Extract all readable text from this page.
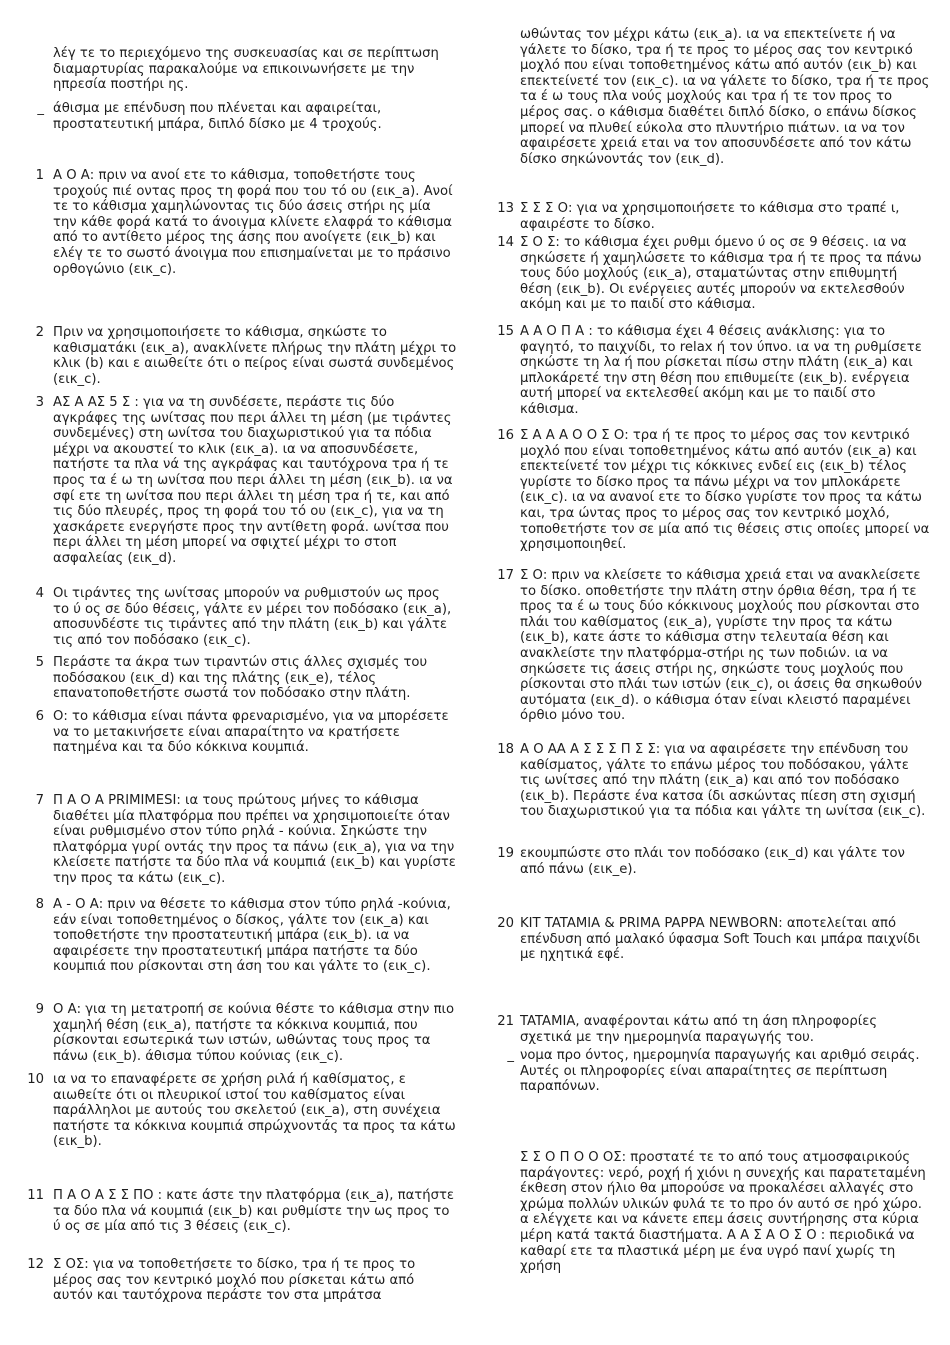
λέγ τε το περιεχόμενο της συσκευασίας και σε περίπτωση διαμαρτυρίας παρακαλούμε να επικοινωνήσετε με την ηπρεσία ποστήρι ης.

_ άθισμα με επένδυση που πλένεται και αφαιρείται, προστατευτική μπάρα, διπλό δίσκο με 4 τροχούς.

1 Α Ο Α: πριν να ανοί ετε το κάθισμα, τοποθετήστε τους τροχούς πιέ οντας προς τη φορά που του τό ου (εικ_a). Ανοί τε το κάθισμα χαμηλώνοντας τις δύο άσεις στήρι ης μία την κάθε φορά κατά το άνοιγμα κλίνετε ελαφρά το κάθισμα από το αντίθετο μέρος της άσης που ανοίγετε (εικ_b) και ελέγ τε το σωστό άνοιγμα που επισημαίνεται με το πράσινο ορθογώνιο (εικ_c).

2 Πριν να χρησιμοποιήσετε το κάθισμα, σηκώστε το καθισματάκι (εικ_a), ανακλίνετε πλήρως την πλάτη μέχρι το κλικ (b) και ε αιωθείτε ότι ο πείρος είναι σωστά συνδεμένος (εικ_c).

3 ΑΣ Α ΑΣ 5 Σ : για να τη συνδέσετε, περάστε τις δύο αγκράφες της ωνίτσας που περι άλλει τη μέση (με τιράντες συνδεμένες) στη ωνίτσα του διαχωριστικού για τα πόδια μέχρι να ακουστεί το κλικ (εικ_a). ια να αποσυνδέσετε, πατήστε τα πλα νά της αγκράφας και ταυτόχρονα τρα ή τε προς τα έ ω τη ωνίτσα που περι άλλει τη μέση (εικ_b). ια να σφί ετε τη ωνίτσα που περι άλλει τη μέση τρα ή τε, και από τις δύο πλευρές, προς τη φορά του τό ου (εικ_c), για να τη χασκάρετε ενεργήστε προς την αντίθετη φορά. ωνίτσα που περι άλλει τη μέση μπορεί να σφιχτεί μέχρι το στοπ ασφαλείας (εικ_d).

4 Οι τιράντες της ωνίτσας μπορούν να ρυθμιστούν ως προς το ύ ος σε δύο θέσεις, γάλτε εν μέρει τον ποδόσακο (εικ_a), αποσυνδέστε τις τιράντες από την πλάτη (εικ_b) και γάλτε τις από τον ποδόσακο (εικ_c).

5 Περάστε τα άκρα των τιραντών στις άλλες σχισμές του ποδόσακου (εικ_d) και της πλάτης (εικ_e), τέλος επανατοποθετήστε σωστά τον ποδόσακο στην πλάτη.

6 Ο: το κάθισμα είναι πάντα φρεναρισμένο, για να μπορέσετε να το μετακινήσετε είναι απαραίτητο να κρατήσετε πατημένα και τα δύο κόκκινα κουμπιά.

7 Π Α Ο Α PRIMIMESI: ια τους πρώτους μήνες το κάθισμα διαθέτει μία πλατφόρμα που πρέπει να χρησιμοποιείτε όταν είναι ρυθμισμένο στον τύπο ρηλά - κούνια. Σηκώστε την πλατφόρμα γυρί οντάς την προς τα πάνω (εικ_a), για να την κλείσετε πατήστε τα δύο πλα νά κουμπιά (εικ_b) και γυρίστε την προς τα κάτω (εικ_c).

8 Α - Ο Α: πριν να θέσετε το κάθισμα στον τύπο ρηλά -κούνια, εάν είναι τοποθετημένος ο δίσκος, γάλτε τον (εικ_a) και τοποθετήστε την προστατευτική μπάρα (εικ_b). ια να αφαιρέσετε την προστατευτική μπάρα πατήστε τα δύο κουμπιά που ρίσκονται στη άση του και γάλτε το (εικ_c).

9 Ο Α: για τη μετατροπή σε κούνια θέστε το κάθισμα στην πιο χαμηλή θέση (εικ_a), πατήστε τα κόκκινα κουμπιά, που ρίσκονται εσωτερικά των ιστών, ωθώντας τους προς τα πάνω (εικ_b). άθισμα τύπου κούνιας (εικ_c).

10 ια να το επαναφέρετε σε χρήση ριλά ή καθίσματος, ε αιωθείτε ότι οι πλευρικοί ιστοί του καθίσματος είναι παράλληλοι με αυτούς του σκελετού (εικ_a), στη συνέχεια πατήστε τα κόκκινα κουμπιά σπρώχνοντάς τα προς τα κάτω (εικ_b).

11 Π Α Ο Α Σ Σ ΠΟ : κατε άστε την πλατφόρμα (εικ_a), πατήστε τα δύο πλα νά κουμπιά (εικ_b) και ρυθμίστε την ως προς το ύ ος σε μία από τις 3 θέσεις (εικ_c).

12 Σ ΟΣ: για να τοποθετήσετε το δίσκο, τρα ή τε προς το μέρος σας τον κεντρικό μοχλό που ρίσκεται κάτω από αυτόν και ταυτόχρονα περάστε τον στα μπράτσα

ωθώντας τον μέχρι κάτω (εικ_a). ια να επεκτείνετε ή να γάλετε το δίσκο, τρα ή τε προς το μέρος σας τον κεντρικό μοχλό που είναι τοποθετημένος κάτω από αυτόν (εικ_b) και επεκτείνετέ τον (εικ_c). ια να γάλετε το δίσκο, τρα ή τε προς τα έ ω τους πλα νούς μοχλούς και τρα ή τε τον προς το μέρος σας. ο κάθισμα διαθέτει διπλό δίσκο, ο επάνω δίσκος μπορεί να πλυθεί εύκολα στο πλυντήριο πιάτων. ια να τον αφαιρέσετε χρειά εται να τον αποσυνδέσετε από τον κάτω δίσκο σηκώνοντάς τον (εικ_d).

13 Σ Σ Σ Ο: για να χρησιμοποιήσετε το κάθισμα στο τραπέ ι, αφαιρέστε το δίσκο.

14 Σ Ο Σ: το κάθισμα έχει ρυθμι όμενο ύ ος σε 9 θέσεις. ια να σηκώσετε ή χαμηλώσετε το κάθισμα τρα ή τε προς τα πάνω τους δύο μοχλούς (εικ_a), σταματώντας στην επιθυμητή θέση (εικ_b). Οι ενέργειες αυτές μπορούν να εκτελεσθούν ακόμη και με το παιδί στο κάθισμα.

15 Α Α Ο Π Α : το κάθισμα έχει 4 θέσεις ανάκλισης: για το φαγητό, το παιχνίδι, το relax ή τον ύπνο. ια να τη ρυθμίσετε σηκώστε τη λα ή που ρίσκεται πίσω στην πλάτη (εικ_a) και μπλοκάρετέ την στη θέση που επιθυμείτε (εικ_b). ενέργεια αυτή μπορεί να εκτελεσθεί ακόμη και με το παιδί στο κάθισμα.

16 Σ Α Α Α Ο Ο Σ Ο: τρα ή τε προς το μέρος σας τον κεντρικό μοχλό που είναι τοποθετημένος κάτω από αυτόν (εικ_a) και επεκτείνετέ τον μέχρι τις κόκκινες ενδεί εις (εικ_b) τέλος γυρίστε το δίσκο προς τα πάνω μέχρι να τον μπλοκάρετε (εικ_c). ια να ανανοί ετε το δίσκο γυρίστε τον προς τα κάτω και, τρα ώντας προς το μέρος σας τον κεντρικό μοχλό, τοποθετήστε τον σε μία από τις θέσεις στις οποίες μπορεί να χρησιμοποιηθεί.

17 Σ Ο: πριν να κλείσετε το κάθισμα χρειά εται να ανακλείσετε το δίσκο. οποθετήστε την πλάτη στην όρθια θέση, τρα ή τε προς τα έ ω τους δύο κόκκινους μοχλούς που ρίσκονται στο πλάι του καθίσματος (εικ_a), γυρίστε την προς τα κάτω (εικ_b), κατε άστε το κάθισμα στην τελευταία θέση και ανακλείστε την πλατφόρμα-στήρι ης των ποδιών. ια να σηκώσετε τις άσεις στήρι ης, σηκώστε τους μοχλούς που ρίσκονται στο πλάι των ιστών (εικ_c), οι άσεις θα σηκωθούν αυτόματα (εικ_d). ο κάθισμα όταν είναι κλειστό παραμένει όρθιο μόνο του.

18 Α Ο ΑΑ Α Σ Σ Σ Π Σ Σ: για να αφαιρέσετε την επένδυση του καθίσματος, γάλτε το επάνω μέρος του ποδόσακου, γάλτε τις ωνίτσες από την πλάτη (εικ_a) και από τον ποδόσακο (εικ_b). Περάστε ένα κατσα ίδι ασκώντας πίεση στη σχισμή του διαχωριστικού για τα πόδια και γάλτε τη ωνίτσα (εικ_c).

19 εκουμπώστε στο πλάι τον ποδόσακο (εικ_d) και γάλτε τον από πάνω (εικ_e).

20 KIT TATAMIA & PRIMA PAPPA NEWBORN: αποτελείται από επένδυση από μαλακό ύφασμα Soft Touch και μπάρα παιχνίδι με ηχητικά εφέ.

21 TATAMIA, αναφέρονται κάτω από τη άση πληροφορίες σχετικά με την ημερομηνία παραγωγής του.

_ νομα προ όντος, ημερομηνία παραγωγής και αριθμό σειράς. Αυτές οι πληροφορίες είναι απαραίτητες σε περίπτωση παραπόνων.

Σ Σ Ο Π Ο Ο ΟΣ: προστατέ τε το από τους ατμοσφαιρικούς παράγοντες: νερό, ροχή ή χιόνι η συνεχής και παρατεταμένη έκθεση στον ήλιο θα μπορούσε να προκαλέσει αλλαγές στο χρώμα πολλών υλικών φυλά τε το προ όν αυτό σε ηρό χώρο. α ελέγχετε και να κάνετε επεμ άσεις συντήρησης στα κύρια μέρη κατά τακτά διαστήματα. Α Α Σ Α Ο Σ Ο : περιοδικά να καθαρί ετε τα πλαστικά μέρη με ένα υγρό πανί χωρίς τη χρήση
